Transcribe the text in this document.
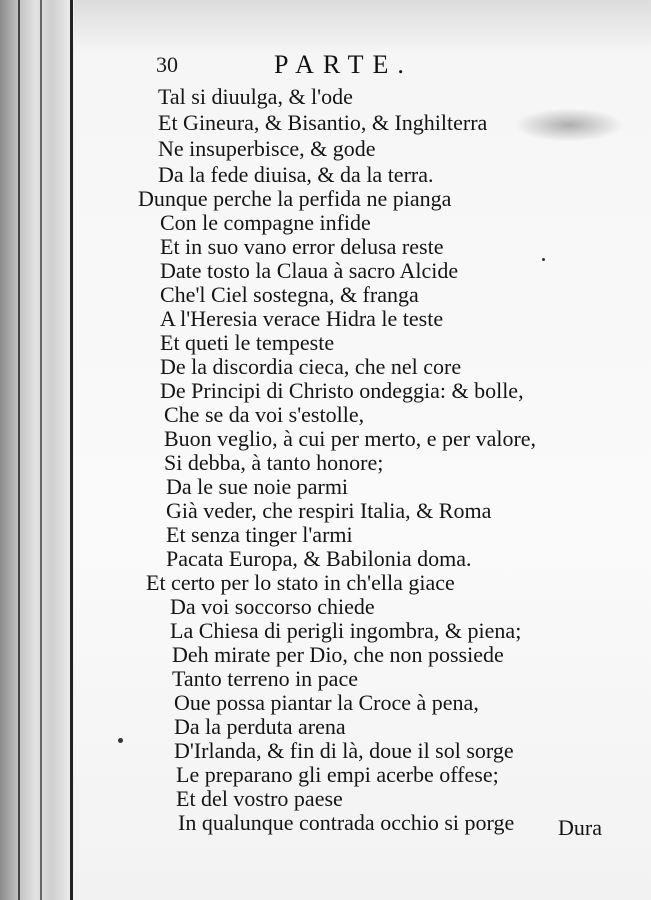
30	PARTE.
Tal si diuulga, & l'ode
Et Gineura, & Bisantio, & Inghilterra
Ne insuperbisce, & gode
Da la fede diuisa, & da la terra.
Dunque perche la perfida ne pianga
Con le compagne infide
Et in suo vano error delusa reste
Date tosto la Claua à sacro Alcide
Che'l Ciel sostegna, & franga
A l'Heresia verace Hidra le teste
Et queti le tempeste
De la discordia cieca, che nel core
De Principi di Christo ondeggia: & bolle,
Che se da voi s'estolle,
Buon veglio, à cui per merto, e per valore,
Si debba, à tanto honore;
Da le sue noie parmi
Già veder, che respiri Italia, & Roma
Et senza tinger l'armi
Pacata Europa, & Babilonia doma.
Et certo per lo stato in ch'ella giace
Da voi soccorso chiede
La Chiesa di perigli ingombra, & piena;
Deh mirate per Dio, che non possiede
Tanto terreno in pace
Oue possa piantar la Croce à pena,
Da la perduta arena
D'Irlanda, & fin di là, doue il sol sorge
Le preparano gli empi acerbe offese;
Et del vostro paese
In qualunque contrada occhio si porge Dura
